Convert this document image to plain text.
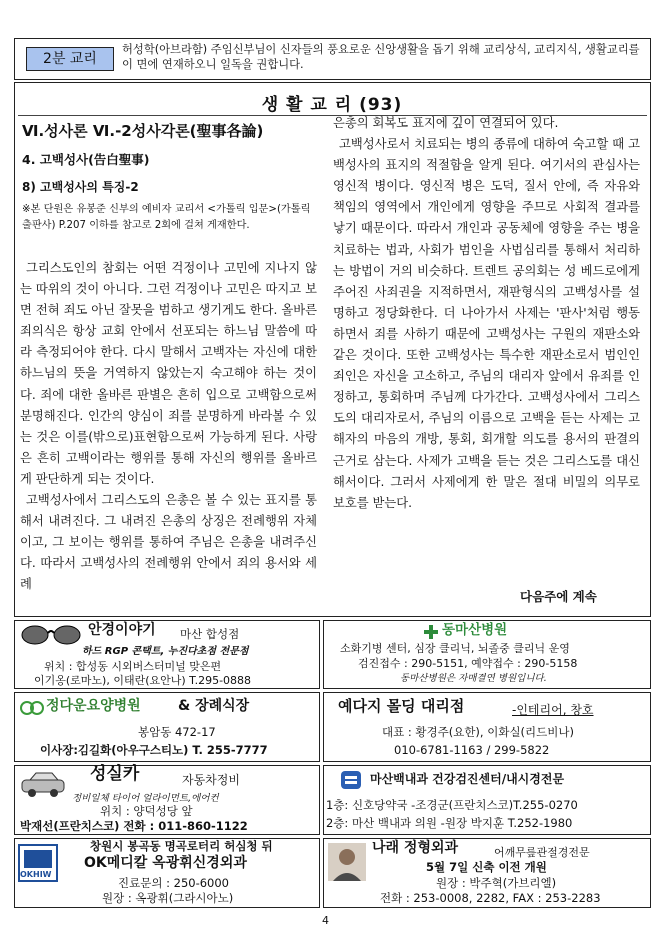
2분 교리
허성학(아브라함) 주임신부님이 신자들의 풍요로운 신앙생활을 돕기 위해 교리상식, 교리지식, 생활교리를 이 면에 연재하오니 일독을 권합니다.
생 활 교 리 (93)
Ⅵ.성사론 Ⅵ.-2성사각론(聖事各論)
4. 고백성사(告白聖事)
8) 고백성사의 특징-2
※본 단원은 유봉준 신부의 예비자 교리서 <가톨릭 입문>(가톨릭출판사) P.207 이하를 참고로 2회에 걸쳐 게재한다.

그리스도인의 참회는 어떤 걱정이나 고민에 지나지 않는 따위의 것이 아니다. 그런 걱정이나 고민은 따지고 보면 전혀 죄도 아닌 잘못을 범하고 생기게도 한다. 올바른 죄의식은 항상 교회 안에서 선포되는 하느님 말씀에 따라 측정되어야 한다. 다시 말해서 고백자는 자신에 대한 하느님의 뜻을 거역하지 않았는지 숙고해야 하는 것이다. 죄에 대한 올바른 판별은 흔히 입으로 고백함으로써 분명해진다. 인간의 양심이 죄를 분명하게 바라볼 수 있는 것은 이를(밖으로)표현함으로써 가능하게 된다. 사랑은 흔히 고백이라는 행위를 통해 자신의 행위를 올바르게 판단하게 되는 것이다.

고백성사에서 그리스도의 은총은 볼 수 있는 표지를 통해서 내려진다. 그 내려진 은총의 상징은 전례행위 자체이고, 그 보이는 행위를 통하여 주님은 은총을 내려주신다. 따라서 고백성사의 전례행위 안에서 죄의 용서와 세례

은총의 회복도 표지에 깊이 연결되어 있다.

고백성사로서 치료되는 병의 종류에 대하여 숙고할 때 고백성사의 표지의 적절함을 알게 된다. 여기서의 관심사는 영신적 병이다. 영신적 병은 도덕, 질서 안에, 즉 자유와 책임의 영역에서 개인에게 영향을 주므로 사회적 결과를 낳기 때문이다. 따라서 개인과 공동체에 영향을 주는 병을 치료하는 법과, 사회가 범인을 사법심리를 통해서 처리하는 방법이 거의 비슷하다. 트렌트 공의회는 성 베드로에게 주어진 사죄권을 지적하면서, 재판형식의 고백성사를 설명하고 정당화한다. 더 나아가서 사제는 '판사'처럼 행동하면서 죄를 사하기 때문에 고백성사는 구원의 재판소와 같은 것이다. 또한 고백성사는 특수한 재판소로서 범인인 죄인은 자신을 고소하고, 주님의 대리자 앞에서 유죄를 인정하고, 통회하며 주님께 다가간다. 고백성사에서 그리스도의 대리자로서, 주님의 이름으로 고백을 듣는 사제는 고해자의 마음의 개방, 통회, 회개할 의도를 용서의 판결의 근거로 삼는다. 사제가 고백을 듣는 것은 그리스도를 대신해서이다. 그러서 사제에게 한 말은 절대 비밀의 의무로 보호를 받는다.

다음주에 계속
안경이야기 마산 합성점
하드 RGP 콘택트, 누진다초점 전문점
위치 : 합성동 시외버스터미널 맞은편
이기옹(로마노), 이태란(요안나) T.295-0888
동마산병원
소화기병 센터, 심장 클리닉, 뇌졸중 클리닉 운영
검진접수 : 290-5151, 예약접수 : 290-5158
동마산병원은 자매결연 병원입니다.
정다운요양병원	& 장례식장
봉암동 472-17
이사장:김길화(아우구스티노) T. 255-7777
예다지 몰딩 대리점	-인테리어, 창호
대표 : 황경주(요한), 이화실(리드비나)
010-6781-1163 / 299-5822
성실카	자동차정비
정비일체 타이어 얼라이먼트,에어컨
위치 : 양덕성당 앞
박재선(프란치스코) 전화 : 011-860-1122
마산백내과 건강검진센터/내시경전문
1층: 신호당약국 -조경군(프란치스코)T.255-0270
2층: 마산 백내과 의원 -원장 박지훈 T.252-1980
OKHIW
창원시 봉곡동 명곡로터리 허심청 뒤
OK메디칼 옥광휘신경외과
진료문의 : 250-6000
원장 : 옥광휘(그라시아노)
나래 정형외과	어깨무릎관절경전문
5월 7일 신축 이전 개원
원장 : 박주혁(가브리엘)
전화 : 253-0008, 2282, FAX : 253-2283
4
